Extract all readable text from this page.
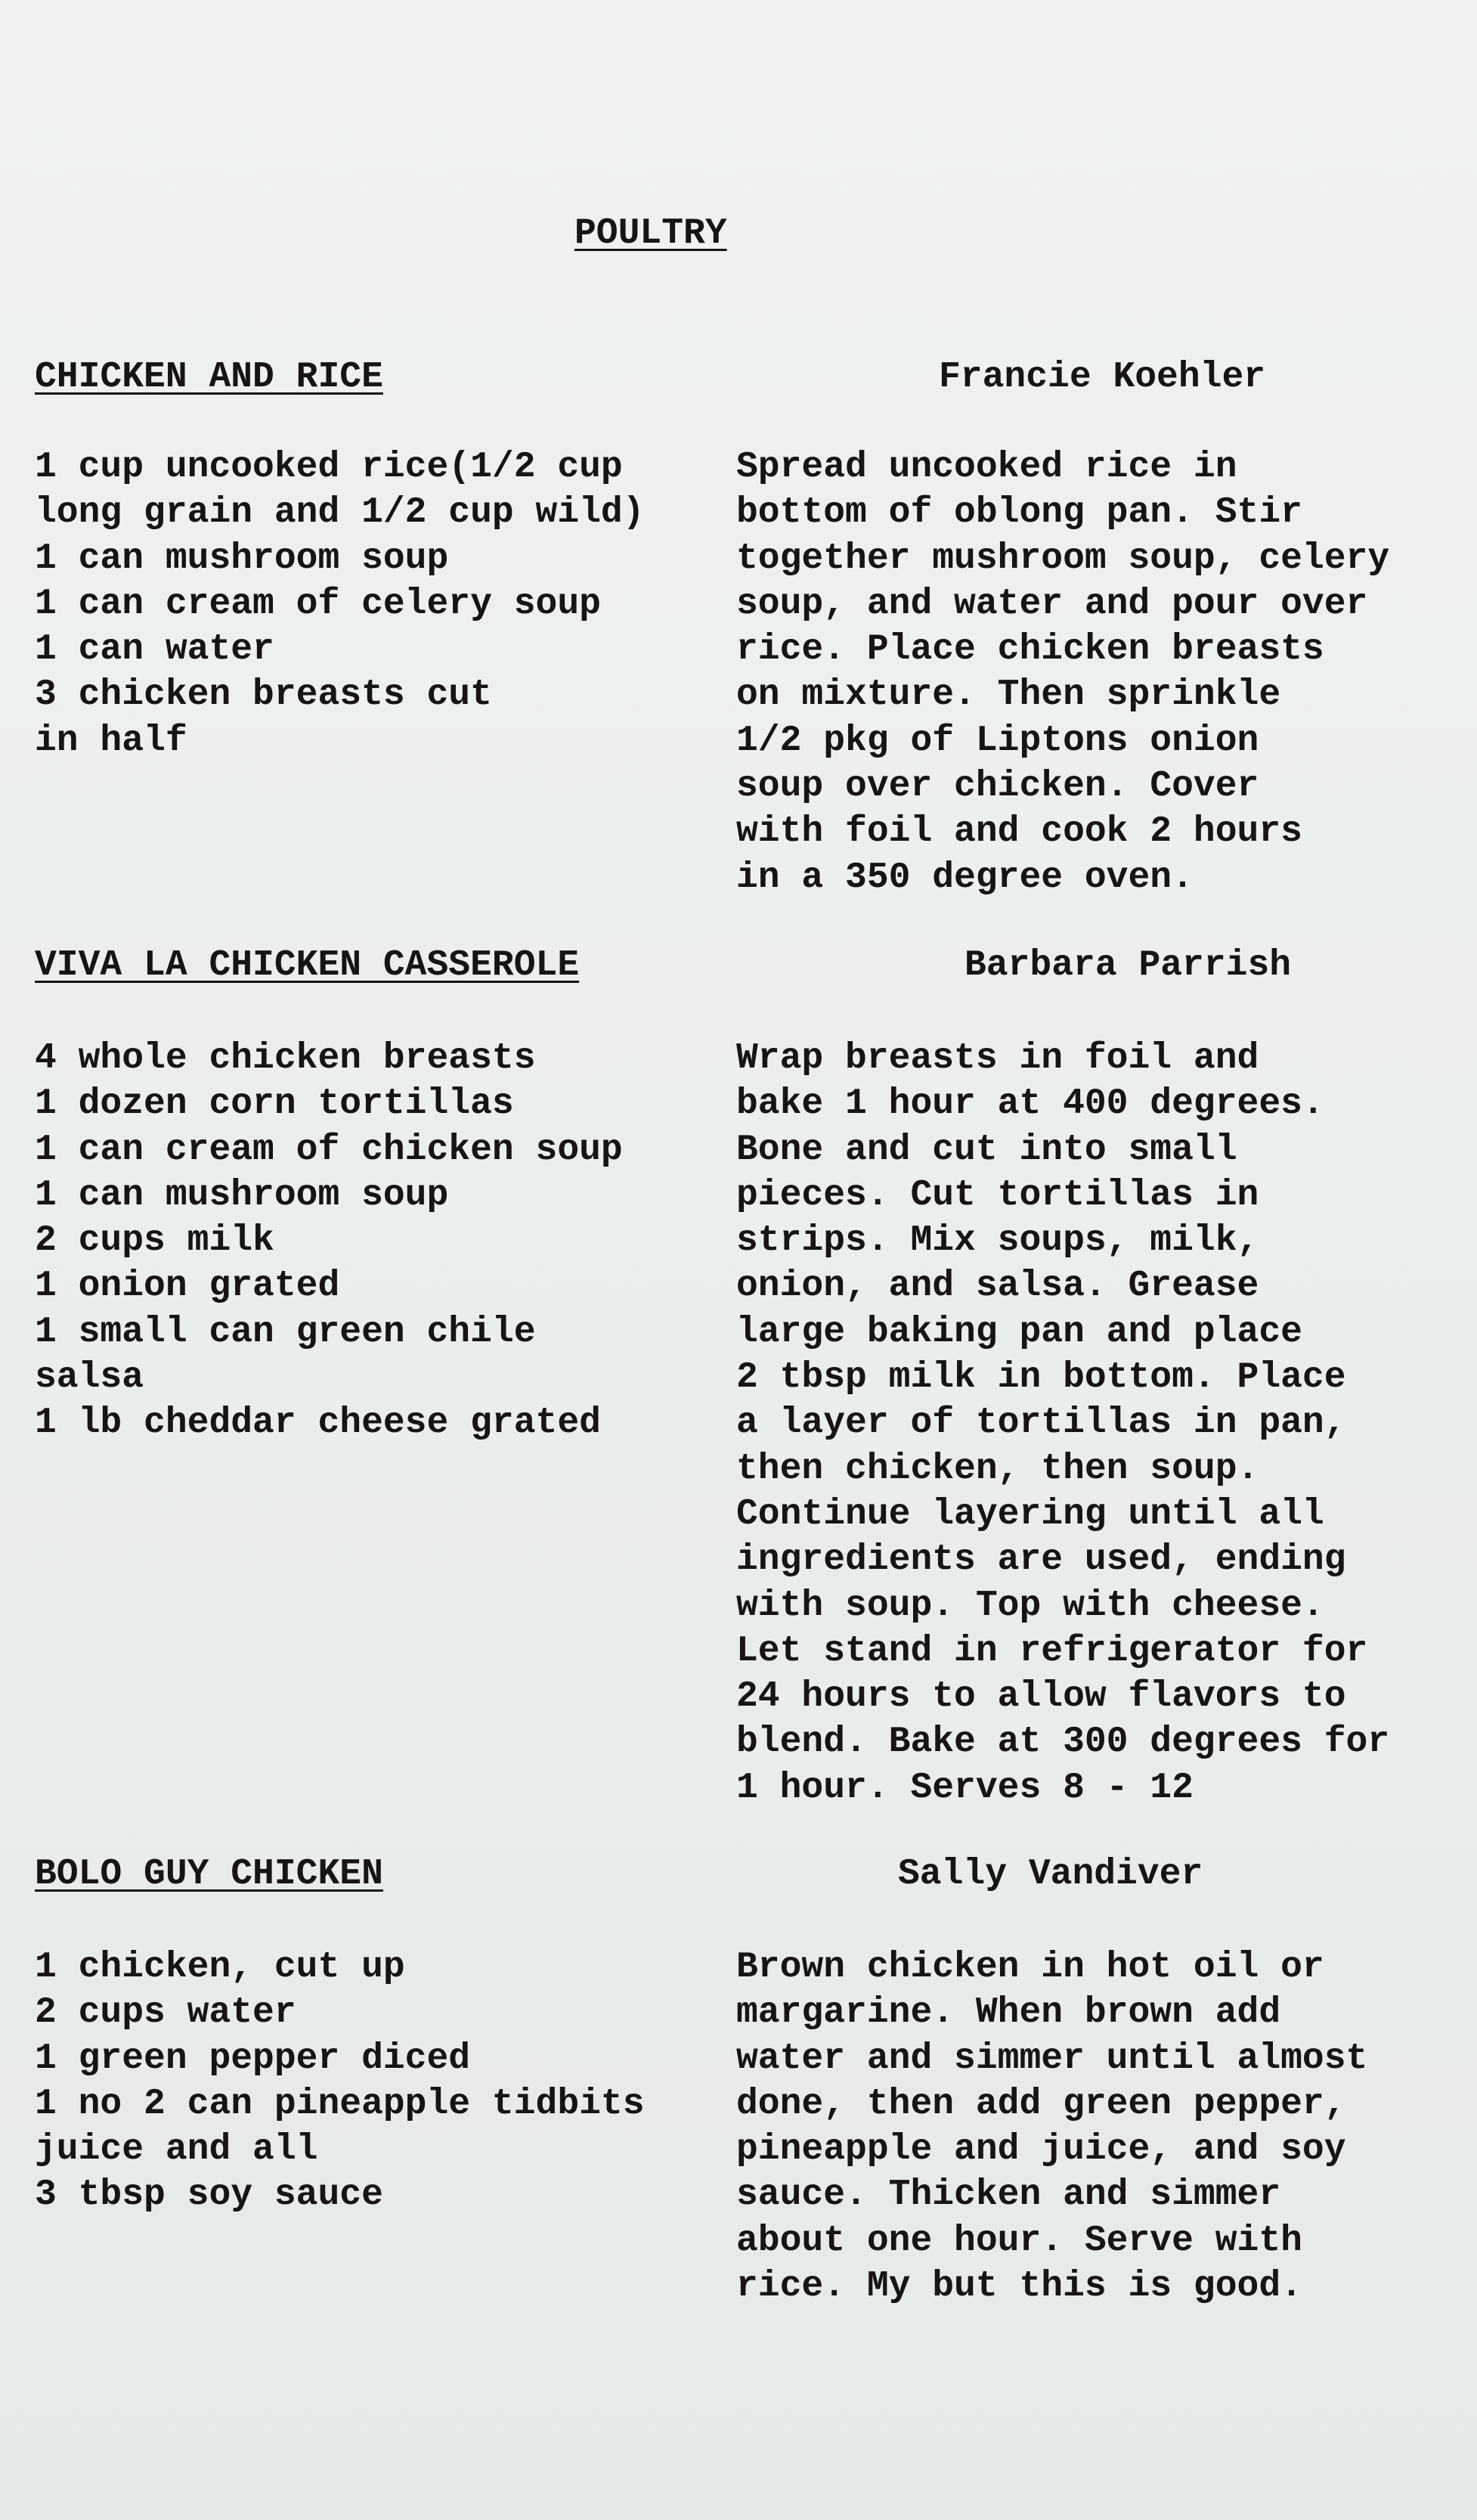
POULTRY
CHICKEN AND RICE	Francie Koehler
1 cup uncooked rice(1/2 cup
long grain and 1/2 cup wild)
1 can mushroom soup
1 can cream of celery soup
1 can water
3 chicken breasts cut
in half
Spread uncooked rice in
bottom of oblong pan. Stir
together mushroom soup, celery
soup, and water and pour over
rice. Place chicken breasts
on mixture. Then sprinkle
1/2 pkg of Liptons onion
soup over chicken. Cover
with foil and cook 2 hours
in a 350 degree oven.
VIVA LA CHICKEN CASSEROLE	Barbara Parrish
4 whole chicken breasts
1 dozen corn tortillas
1 can cream of chicken soup
1 can mushroom soup
2 cups milk
1 onion grated
1 small can green chile
salsa
1 lb cheddar cheese grated
Wrap breasts in foil and
bake 1 hour at 400 degrees.
Bone and cut into small
pieces. Cut tortillas in
strips. Mix soups, milk,
onion, and salsa. Grease
large baking pan and place
2 tbsp milk in bottom. Place
a layer of tortillas in pan,
then chicken, then soup.
Continue layering until all
ingredients are used, ending
with soup. Top with cheese.
Let stand in refrigerator for
24 hours to allow flavors to
blend. Bake at 300 degrees for
1 hour. Serves 8 - 12
BOLO GUY CHICKEN	Sally Vandiver
1 chicken, cut up
2 cups water
1 green pepper diced
1 no 2 can pineapple tidbits
juice and all
3 tbsp soy sauce
Brown chicken in hot oil or
margarine. When brown add
water and simmer until almost
done, then add green pepper,
pineapple and juice, and soy
sauce. Thicken and simmer
about one hour. Serve with
rice. My but this is good.
